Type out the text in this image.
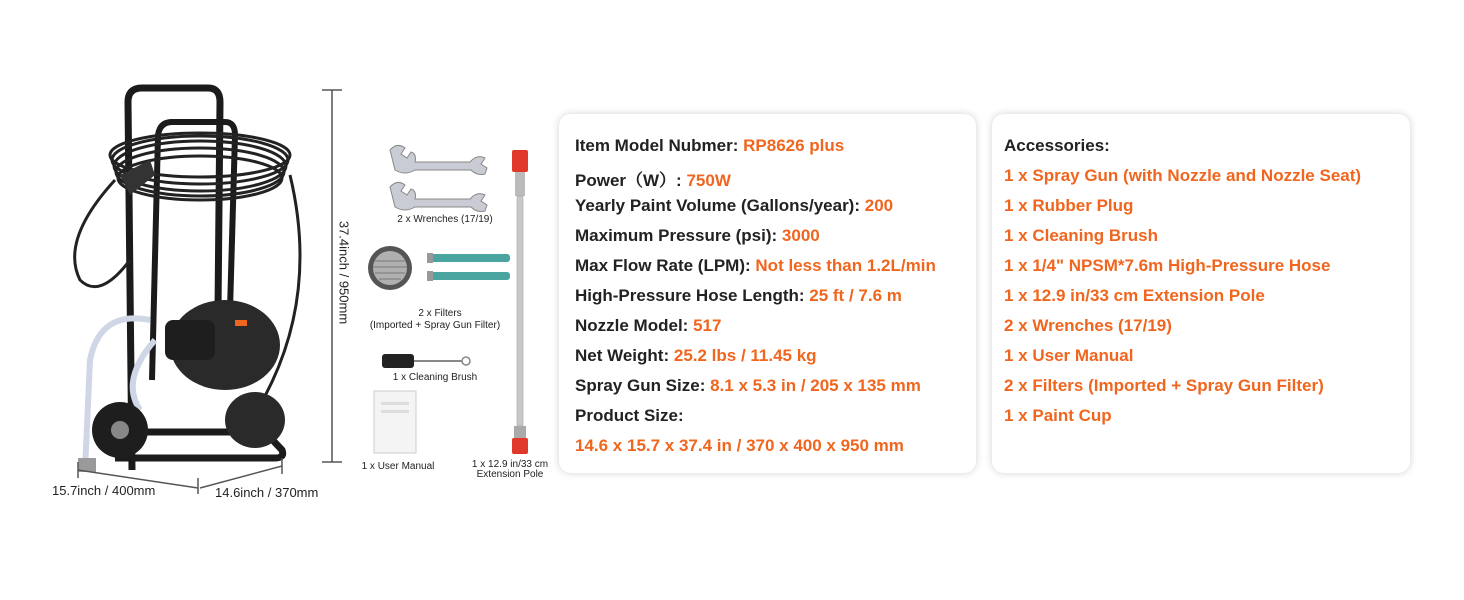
37.4inch / 950mm
15.7inch / 400mm	14.6inch / 370mm
2 x Wrenches (17/19)
2 x Filters
(Imported + Spray Gun Filter)
1 x Cleaning Brush
1 x User Manual	1 x 12.9 in/33 cm
Extension Pole
Item Model Nubmer: RP8626 plus
Power（W）: 750W
Yearly Paint Volume (Gallons/year): 200
Maximum Pressure (psi): 3000
Max Flow Rate (LPM): Not less than 1.2L/min
High-Pressure Hose Length: 25 ft / 7.6 m
Nozzle Model: 517
Net Weight: 25.2 lbs / 11.45 kg
Spray Gun Size: 8.1 x 5.3 in / 205 x 135 mm
Product Size:
14.6 x 15.7 x 37.4 in / 370 x 400 x 950 mm
Accessories:
1 x Spray Gun (with Nozzle and Nozzle Seat)
1 x Rubber Plug
1 x Cleaning Brush
1 x 1/4" NPSM*7.6m High-Pressure Hose
1 x 12.9 in/33 cm Extension Pole
2 x Wrenches (17/19)
1 x User Manual
2 x Filters (Imported + Spray Gun Filter)
1 x Paint Cup
